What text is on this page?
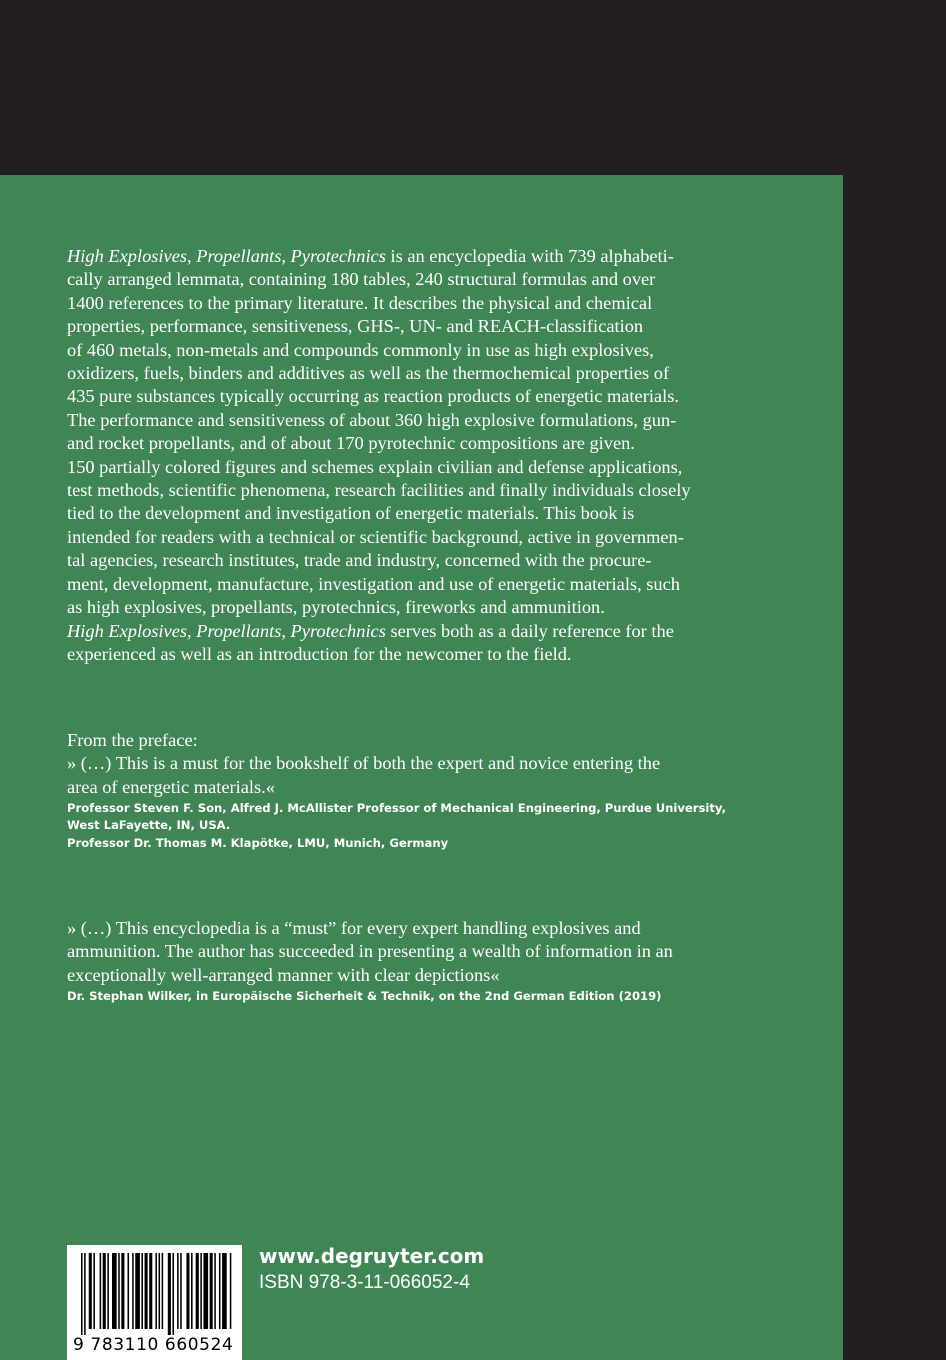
High Explosives, Propellants, Pyrotechnics is an encyclopedia with 739 alphabeti-
cally arranged lemmata, containing 180 tables, 240 structural formulas and over
1400 references to the primary literature. It describes the physical and chemical
properties, performance, sensitiveness, GHS-, UN- and REACH-classification
of 460 metals, non-metals and compounds commonly in use as high explosives,
oxidizers, fuels, binders and additives as well as the thermochemical properties of
435 pure substances typically occurring as reaction products of energetic materials.
The performance and sensitiveness of about 360 high explosive formulations, gun-
and rocket propellants, and of about 170 pyrotechnic compositions are given.
150 partially colored figures and schemes explain civilian and defense applications,
test methods, scientific phenomena, research facilities and finally individuals closely
tied to the development and investigation of energetic materials. This book is
intended for readers with a technical or scientific background, active in governmen-
tal agencies, research institutes, trade and industry, concerned with the procure-
ment, development, manufacture, investigation and use of energetic materials, such
as high explosives, propellants, pyrotechnics, fireworks and ammunition.
High Explosives, Propellants, Pyrotechnics serves both as a daily reference for the
experienced as well as an introduction for the newcomer to the field.
From the preface:
» (…) This is a must for the bookshelf of both the expert and novice entering the
area of energetic materials.«
Professor Steven F. Son, Alfred J. McAllister Professor of Mechanical Engineering, Purdue University,
West LaFayette, IN, USA.
Professor Dr. Thomas M. Klapötke, LMU, Munich, Germany
» (…) This encyclopedia is a “must” for every expert handling explosives and
ammunition. The author has succeeded in presenting a wealth of information in an
exceptionally well-arranged manner with clear depictions«
Dr. Stephan Wilker, in Europäische Sicherheit & Technik, on the 2nd German Edition (2019)
9 783110 660524
www.degruyter.com
ISBN 978-3-11-066052-4
